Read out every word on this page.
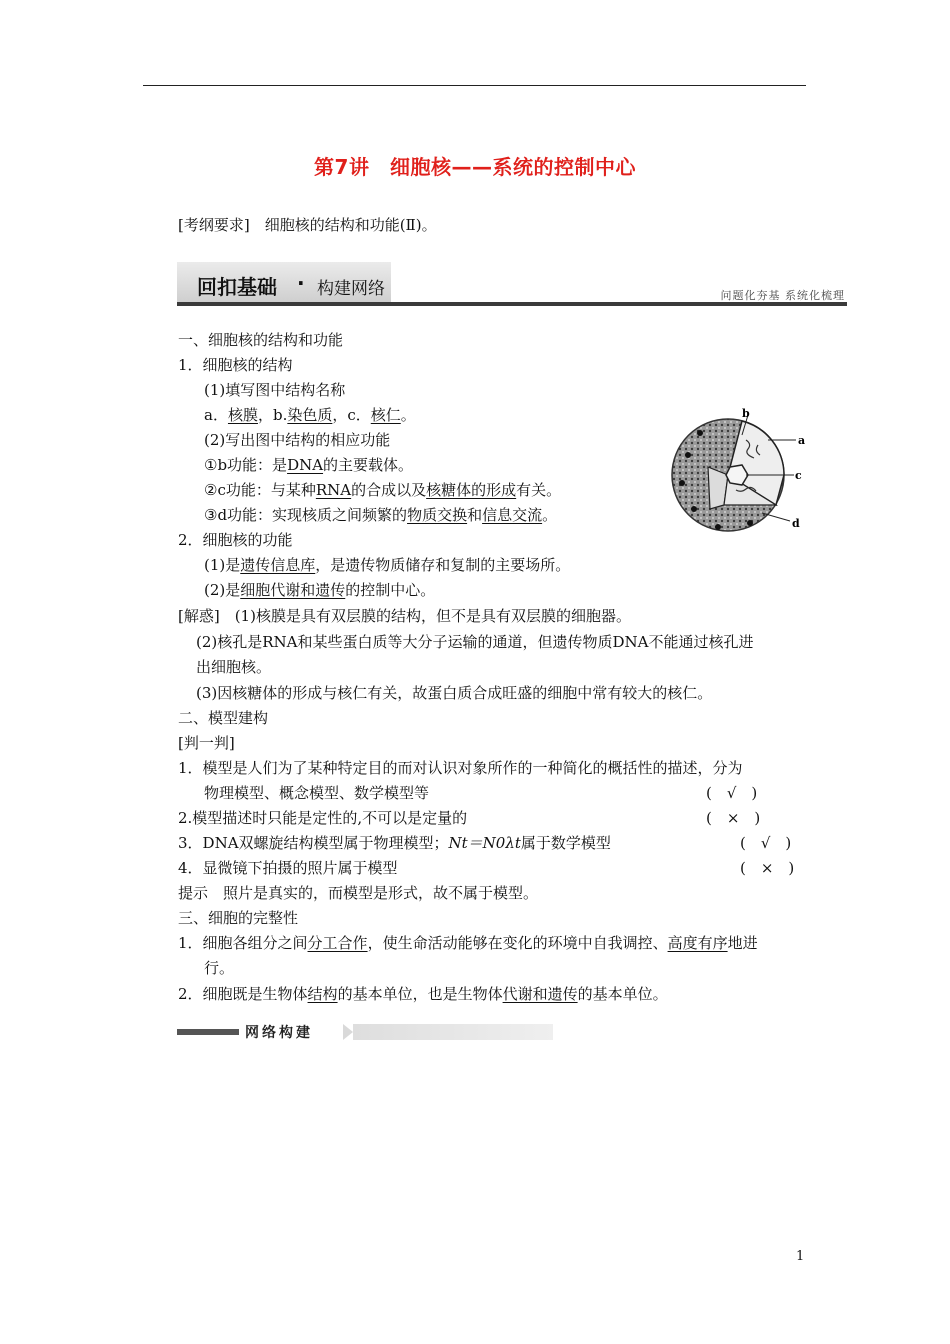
第7讲　细胞核——系统的控制中心
[考纲要求]　细胞核的结构和功能(Ⅱ)。
回扣基础 · 构建网络	问题化夯基 系统化梳理
一、细胞核的结构和功能
1．细胞核的结构
(1)填写图中结构名称
a．核膜，b.染色质，c．核仁。
(2)写出图中结构的相应功能
①b功能：是DNA的主要载体。
②c功能：与某种RNA的合成以及核糖体的形成有关。
③d功能：实现核质之间频繁的物质交换和信息交流。
2．细胞核的功能
(1)是遗传信息库，是遗传物质储存和复制的主要场所。
(2)是细胞代谢和遗传的控制中心。
[解惑]　(1)核膜是具有双层膜的结构，但不是具有双层膜的细胞器。
(2)核孔是RNA和某些蛋白质等大分子运输的通道，但遗传物质DNA不能通过核孔进
出细胞核。
(3)因核糖体的形成与核仁有关，故蛋白质合成旺盛的细胞中常有较大的核仁。
b
a
c
d
二、模型建构
[判一判]
1．模型是人们为了某种特定目的而对认识对象所作的一种简化的概括性的描述，分为
物理模型、概念模型、数学模型等	(　√　)
2.模型描述时只能是定性的,不可以是定量的	(　×　)
3．DNA双螺旋结构模型属于物理模型；Nt＝N0λt属于数学模型	(　√　)
4．显微镜下拍摄的照片属于模型	(　×　)
提示　照片是真实的，而模型是形式，故不属于模型。
三、细胞的完整性
1．细胞各组分之间分工合作，使生命活动能够在变化的环境中自我调控、高度有序地进
行。
2．细胞既是生物体结构的基本单位，也是生物体代谢和遗传的基本单位。
网络构建
1
